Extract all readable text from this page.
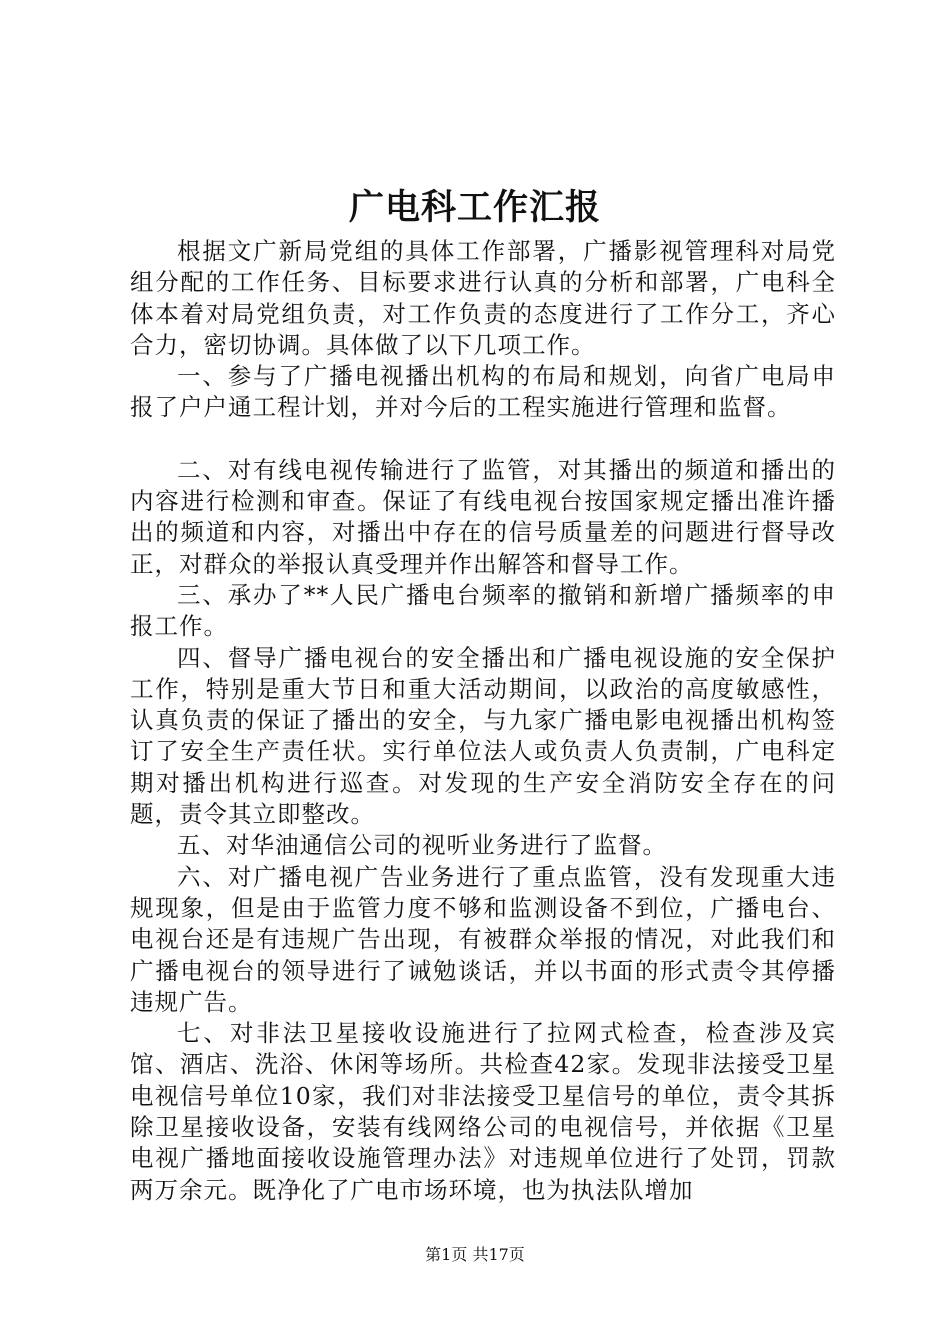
广电科工作汇报

根据文广新局党组的具体工作部署，广播影视管理科对局党组分配的工作任务、目标要求进行认真的分析和部署，广电科全体本着对局党组负责，对工作负责的态度进行了工作分工，齐心合力，密切协调。具体做了以下几项工作。

一、参与了广播电视播出机构的布局和规划，向省广电局申报了户户通工程计划，并对今后的工程实施进行管理和监督。

二、对有线电视传输进行了监管，对其播出的频道和播出的内容进行检测和审查。保证了有线电视台按国家规定播出准许播出的频道和内容，对播出中存在的信号质量差的问题进行督导改正，对群众的举报认真受理并作出解答和督导工作。

三、承办了**人民广播电台频率的撤销和新增广播频率的申报工作。

四、督导广播电视台的安全播出和广播电视设施的安全保护工作，特别是重大节日和重大活动期间，以政治的高度敏感性，认真负责的保证了播出的安全，与九家广播电影电视播出机构签订了安全生产责任状。实行单位法人或负责人负责制，广电科定期对播出机构进行巡查。对发现的生产安全消防安全存在的问题，责令其立即整改。

五、对华油通信公司的视听业务进行了监督。

六、对广播电视广告业务进行了重点监管，没有发现重大违规现象，但是由于监管力度不够和监测设备不到位，广播电台、电视台还是有违规广告出现，有被群众举报的情况，对此我们和广播电视台的领导进行了诫勉谈话，并以书面的形式责令其停播违规广告。

七、对非法卫星接收设施进行了拉网式检查，检查涉及宾馆、酒店、洗浴、休闲等场所。共检查42家。发现非法接受卫星电视信号单位10家，我们对非法接受卫星信号的单位，责令其拆除卫星接收设备，安装有线网络公司的电视信号，并依据《卫星电视广播地面接收设施管理办法》对违规单位进行了处罚，罚款两万余元。既净化了广电市场环境，也为执法队增加

第1页 共17页
